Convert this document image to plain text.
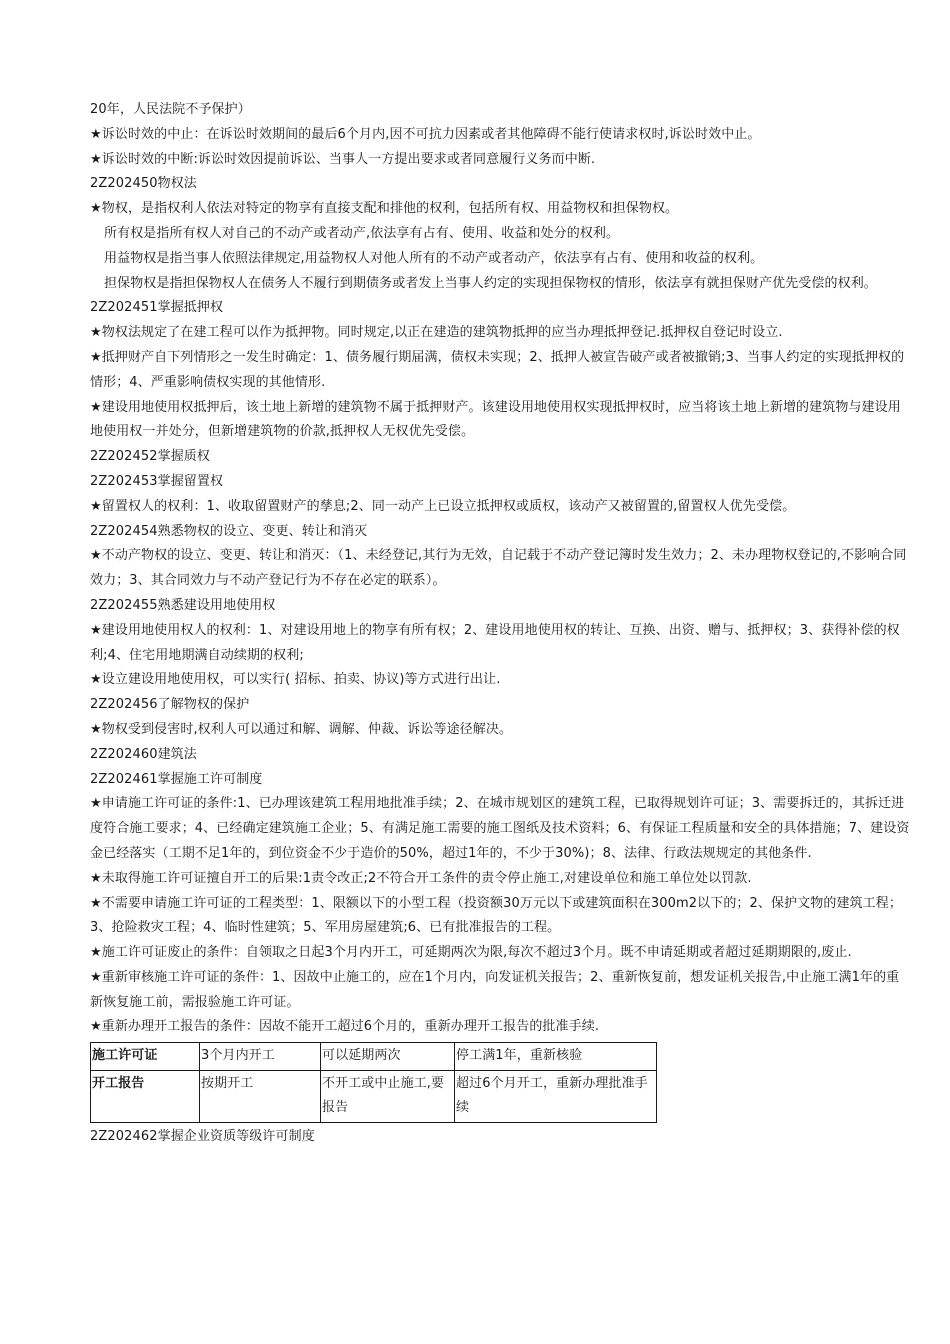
20年，人民法院不予保护）

★诉讼时效的中止：在诉讼时效期间的最后6个月内,因不可抗力因素或者其他障碍不能行使请求权时,诉讼时效中止。

★诉讼时效的中断:诉讼时效因提前诉讼、当事人一方提出要求或者同意履行义务而中断.

2Z202450物权法

★物权，是指权利人依法对特定的物享有直接支配和排他的权利，包括所有权、用益物权和担保物权。

所有权是指所有权人对自己的不动产或者动产,依法享有占有、使用、收益和处分的权利。

用益物权是指当事人依照法律规定,用益物权人对他人所有的不动产或者动产，依法享有占有、使用和收益的权利。

担保物权是指担保物权人在债务人不履行到期债务或者发上当事人约定的实现担保物权的情形，依法享有就担保财产优先受偿的权利。

2Z202451掌握抵押权

★物权法规定了在建工程可以作为抵押物。同时规定,以正在建造的建筑物抵押的应当办理抵押登记.抵押权自登记时设立.

★抵押财产自下列情形之一发生时确定：1、债务履行期届满，债权未实现；2、抵押人被宣告破产或者被撤销;3、当事人约定的实现抵押权的情形；4、严重影响债权实现的其他情形.

★建设用地使用权抵押后，该土地上新增的建筑物不属于抵押财产。该建设用地使用权实现抵押权时，应当将该土地上新增的建筑物与建设用地使用权一并处分，但新增建筑物的价款,抵押权人无权优先受偿。

2Z202452掌握质权

2Z202453掌握留置权

★留置权人的权利：1、收取留置财产的孳息;2、同一动产上已设立抵押权或质权，该动产又被留置的,留置权人优先受偿。

2Z202454熟悉物权的设立、变更、转让和消灭

★不动产物权的设立、变更、转让和消灭：（1、未经登记,其行为无效，自记载于不动产登记簿时发生效力；2、未办理物权登记的,不影响合同效力；3、其合同效力与不动产登记行为不存在必定的联系）。

2Z202455熟悉建设用地使用权

★建设用地使用权人的权利：1、对建设用地上的物享有所有权；2、建设用地使用权的转让、互换、出资、赠与、抵押权；3、获得补偿的权利;4、住宅用地期满自动续期的权利;

★设立建设用地使用权，可以实行( 招标、拍卖、协议)等方式进行出让.

2Z202456了解物权的保护

★物权受到侵害时,权利人可以通过和解、调解、仲裁、诉讼等途径解决。

2Z202460建筑法

2Z202461掌握施工许可制度

★申请施工许可证的条件:1、已办理该建筑工程用地批准手续；2、在城市规划区的建筑工程，已取得规划许可证；3、需要拆迁的，其拆迁进度符合施工要求；4、已经确定建筑施工企业；5、有满足施工需要的施工图纸及技术资料；6、有保证工程质量和安全的具体措施；7、建设资金已经落实（工期不足1年的，到位资金不少于造价的50%，超过1年的，不少于30%)；8、法律、行政法规规定的其他条件.

★未取得施工许可证擅自开工的后果:1责令改正;2不符合开工条件的责令停止施工,对建设单位和施工单位处以罚款.

★不需要申请施工许可证的工程类型：1、限额以下的小型工程（投资额30万元以下或建筑面积在300m2以下的；2、保护文物的建筑工程；3、抢险救灾工程；4、临时性建筑；5、军用房屋建筑;6、已有批准报告的工程。

★施工许可证废止的条件：自领取之日起3个月内开工，可延期两次为限,每次不超过3个月。既不申请延期或者超过延期期限的,废止.

★重新审核施工许可证的条件：1、因故中止施工的，应在1个月内，向发证机关报告；2、重新恢复前，想发证机关报告,中止施工满1年的重新恢复施工前，需报验施工许可证。

★重新办理开工报告的条件：因故不能开工超过6个月的，重新办理开工报告的批准手续.

施工许可证	3个月内开工	可以延期两次	停工满1年，重新核验
开工报告	按期开工	不开工或中止施工,要报告	超过6个月开工，重新办理批准手续

2Z202462掌握企业资质等级许可制度
